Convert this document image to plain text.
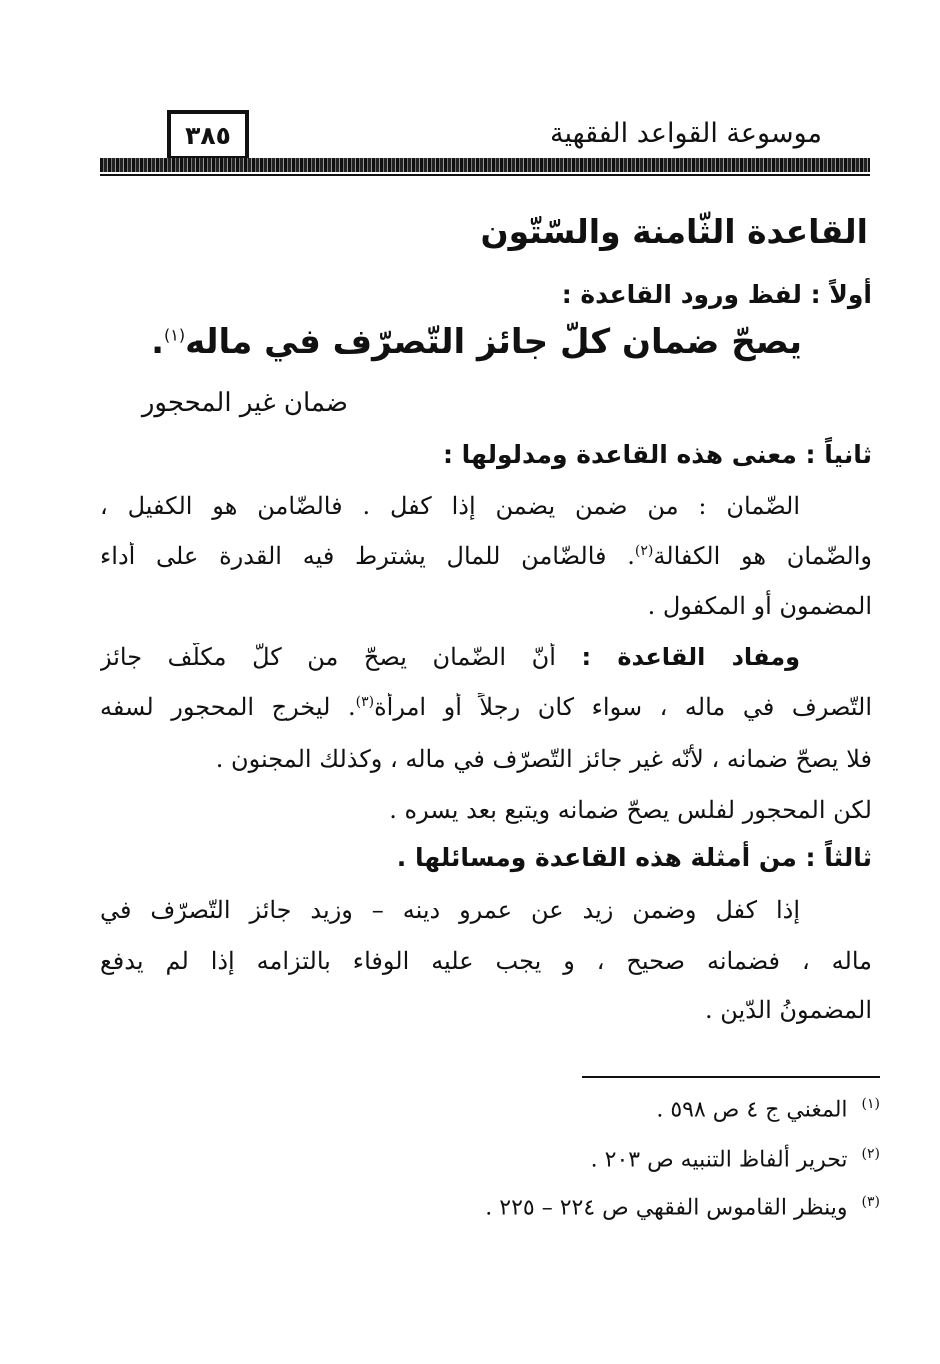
موسوعة القواعد الفقهية
٣٨٥
القاعدة الثّامنة والسّتّون
أولاً : لفظ ورود القاعدة :
يصحّ ضمان كلّ جائز التّصرّف في ماله$^{(١)}$.
ضمان غير المحجور
ثانياً : معنى هذه القاعدة ومدلولها :
الضّمان : من ضمن يضمن إذا كفل . فالضّامن هو الكفيل ،
والضّمان هو الكفالة$^{(٢)}$. فالضّامن للمال يشترط فيه القدرة على أداء
المضمون أو المكفول .
ومفاد القاعدة : أنّ الضّمان يصحّ من كلّ مكلّف جائز
التّصرف في ماله ، سواء كان رجلاً أو امرأة$^{(٣)}$. ليخرج المحجور لسفه
فلا يصحّ ضمانه ، لأنّه غير جائز التّصرّف في ماله ، وكذلك المجنون .
لكن المحجور لفلس يصحّ ضمانه ويتبع بعد يسره .
ثالثاً : من أمثلة هذه القاعدة ومسائلها .
إذا كفل وضمن زيد عن عمرو دينه – وزيد جائز التّصرّف في
ماله ، فضمانه صحيح ، و يجب عليه الوفاء بالتزامه إذا لم يدفع
المضمونُ الدّين .
$^{(١)}$المغني ج ٤ ص ٥٩٨ .
$^{(٢)}$تحرير ألفاظ التنبيه ص ٢٠٣ .
$^{(٣)}$وينظر القاموس الفقهي ص ٢٢٤ – ٢٢٥ .
